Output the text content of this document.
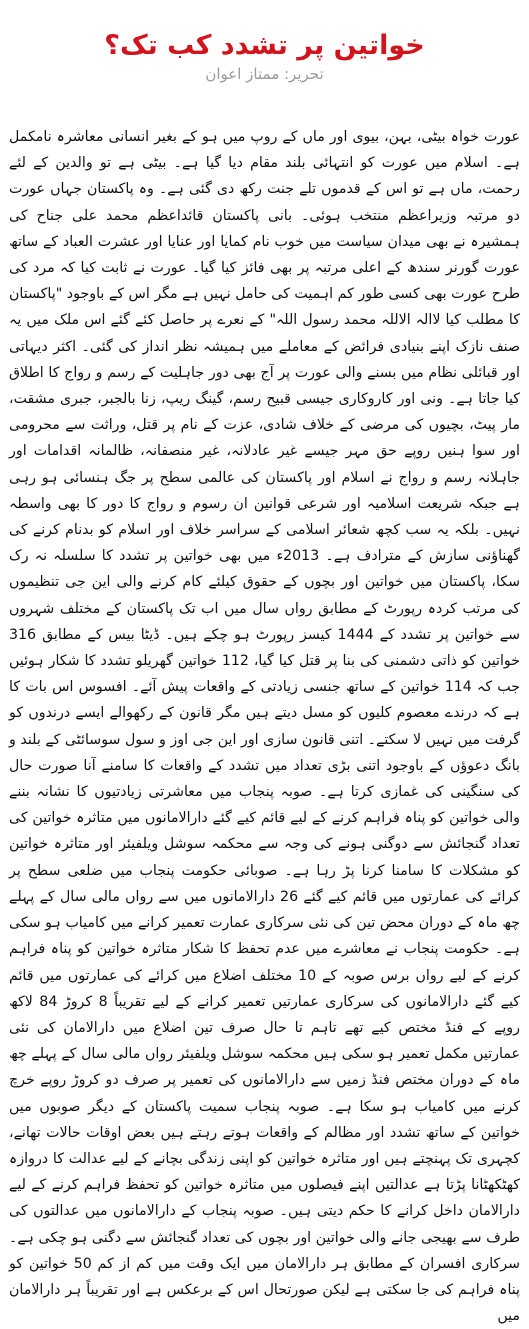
خواتین پر تشدد کب تک؟
تحریر: ممتاز اعوان
عورت خواہ بیٹی، بہن، بیوی اور ماں کے روپ میں ہو کے بغیر انسانی معاشرہ نامکمل ہے۔ اسلام میں عورت کو انتہائی بلند مقام دیا گیا ہے۔ بیٹی ہے تو والدین کے لئے رحمت، ماں ہے تو اس کے قدموں تلے جنت رکھ دی گئی ہے۔ وہ پاکستان جہاں عورت دو مرتبہ وزیراعظم منتخب ہوئی۔ بانی پاکستان قائداعظم محمد علی جناح کی ہمشیرہ نے بھی میدان سیاست میں خوب نام کمایا اور عنایا اور عشرت العباد کے ساتھ عورت گورنر سندھ کے اعلی مرتبہ پر بھی فائز کیا گیا۔ عورت نے ثابت کیا کہ مرد کی طرح عورت بھی کسی طور کم اہمیت کی حامل نہیں ہے مگر اس کے باوجود "پاکستان کا مطلب کیا لاالہ الاللہ محمد رسول اللہ" کے نعرے پر حاصل کئے گئے اس ملک میں یہ صنف نازک اپنے بنیادی فرائض کے معاملے میں ہمیشہ نظر انداز کی گئی۔ اکثر دیہاتی اور قبائلی نظام میں بسنے والی عورت پر آج بھی دور جاہلیت کے رسم و رواج کا اطلاق کیا جاتا ہے۔ ونی اور کاروکاری جیسی قبیح رسم، گینگ ریپ، زنا بالجبر، جبری مشقت، مار پیٹ، بچیوں کی مرضی کے خلاف شادی، عزت کے نام پر قتل، وراثت سے محرومی اور سوا ہنیں روپے حق مہر جیسے غیر عادلانہ، غیر منصفانہ، ظالمانہ اقدامات اور جاہلانہ رسم و رواج نے اسلام اور پاکستان کی عالمی سطح پر جگ ہنسائی ہو رہی ہے جبکہ شریعت اسلامیہ اور شرعی قوانین ان رسوم و رواج کا دور کا بھی واسطہ نہیں۔ بلکہ یہ سب کچھ شعائر اسلامی کے سراسر خلاف اور اسلام کو بدنام کرنے کی گھناؤنی سازش کے مترادف ہے۔ 2013ء میں بھی خواتین پر تشدد کا سلسلہ نہ رک سکا، پاکستان میں خواتین اور بچوں کے حقوق کیلئے کام کرنے والی این جی تنظیموں کی مرتب کردہ رپورٹ کے مطابق رواں سال میں اب تک پاکستان کے مختلف شہروں سے خواتین پر تشدد کے 1444 کیسز رپورٹ ہو چکے ہیں۔ ڈیٹا بیس کے مطابق 316 خواتین کو ذاتی دشمنی کی بنا پر قتل کیا گیا، 112 خواتین گھریلو تشدد کا شکار ہوئیں جب کہ 114 خواتین کے ساتھ جنسی زیادتی کے واقعات پیش آئے۔ افسوس اس بات کا ہے کہ درندے معصوم کلیوں کو مسل دیتے ہیں مگر قانون کے رکھوالے ایسے درندوں کو گرفت میں نہیں لا سکتے۔ اتنی قانون سازی اور این جی اوز و سول سوسائٹی کے بلند و بانگ دعوؤں کے باوجود اتنی بڑی تعداد میں تشدد کے واقعات کا سامنے آنا صورت حال کی سنگینی کی غمازی کرتا ہے۔ صوبہ پنجاب میں معاشرتی زیادتیوں کا نشانہ بننے والی خواتین کو پناہ فراہم کرنے کے لیے قائم کیے گئے دارالامانوں میں متاثرہ خواتین کی تعداد گنجائش سے دوگنی ہونے کی وجہ سے محکمہ سوشل ویلفیئر اور متاثرہ خواتین کو مشکلات کا سامنا کرنا پڑ رہا ہے۔ صوبائی حکومت پنجاب میں ضلعی سطح پر کرائے کی عمارتوں میں قائم کیے گئے 26 دارالامانوں میں سے رواں مالی سال کے پہلے چھ ماہ کے دوران محض تین کی نئی سرکاری عمارت تعمیر کرانے میں کامیاب ہو سکی ہے۔ حکومت پنجاب نے معاشرے میں عدم تحفظ کا شکار متاثرہ خواتین کو پناہ فراہم کرنے کے لیے رواں برس صوبہ کے 10 مختلف اضلاع میں کرائے کی عمارتوں میں قائم کیے گئے دارالامانوں کی سرکاری عمارتیں تعمیر کرانے کے لیے تقریباً 8 کروڑ 84 لاکھ روپے کے فنڈ مختص کیے تھے تاہم تا حال صرف تین اضلاع میں دارالامان کی نئی عمارتیں مکمل تعمیر ہو سکی ہیں محکمہ سوشل ویلفیئر رواں مالی سال کے پہلے چھ ماہ کے دوران مختص فنڈ زمیں سے دارالامانوں کی تعمیر پر صرف دو کروڑ روپے خرچ کرنے میں کامیاب ہو سکا ہے۔ صوبہ پنجاب سمیت پاکستان کے دیگر صوبوں میں خواتین کے ساتھ تشدد اور مظالم کے واقعات ہوتے رہتے ہیں بعض اوقات حالات تھانے، کچہری تک پہنچتے ہیں اور متاثرہ خواتین کو اپنی زندگی بچانے کے لیے عدالت کا دروازہ کھٹکھٹانا پڑتا ہے عدالتیں اپنے فیصلوں میں متاثرہ خواتین کو تحفظ فراہم کرنے کے لیے دارالامان داخل کرانے کا حکم دیتی ہیں۔ صوبہ پنجاب کے دارالامانوں میں عدالتوں کی طرف سے بھیجی جانے والی خواتین اور بچوں کی تعداد گنجائش سے دگنی ہو چکی ہے۔ سرکاری افسران کے مطابق ہر دارالامان میں ایک وقت میں کم از کم 50 خواتین کو پناہ فراہم کی جا سکتی ہے لیکن صورتحال اس کے برعکس ہے اور تقریباً ہر دارالامان میں
